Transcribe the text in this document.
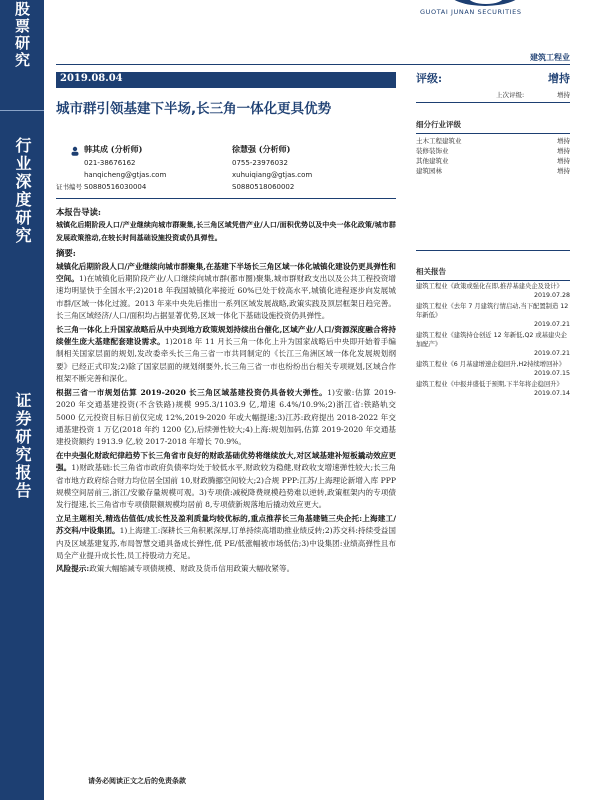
股票研究
行业深度研究
证券研究报告
GUOTAI JUNAN SECURITIES
建筑工程业
2019.08.04
城市群引领基建下半场,长三角一体化更具优势
韩其成 (分析师)
021-38676162
hanqicheng@gtjas.com
S0880516030004
证书编号
徐慧强 (分析师)
0755-23976032
xuhuiqiang@gtjas.com
S0880518060002

本报告导读:

城镇化后期阶段人口/产业继续向城市群聚集,长三角区域凭借产业/人口/面积优势以及中央一体化政策/城市群发展政策推动,在较长时间基础设施投资或仍具弹性。

摘要:

城镇化后期阶段人口/产业继续向城市群聚集,在基建下半场长三角区域一体化城镇化建设仍更具弹性和空间。1)在城镇化后期阶段产业/人口继续向城市群(都市圈)聚集,城市群财政支出以及公共工程投资增速均明显快于全国水平;2)2018 年我国城镇化率接近 60%已处于较高水平,城镇化进程逐步向发展城市群/区域一体化过渡。2013 年来中央先后推出一系列区域发展战略,政策实践及顶层框架日趋完善。长三角区域经济/人口/面积均占据显著优势,区域一体化下基础设施投资仍具弹性。

长三角一体化上升国家战略后从中央到地方政策规划持续出台催化,区域产业/人口/资源深度融合将持续催生庞大基建配套建设需求。1)2018 年 11 月长三角一体化上升为国家战略后中央即开始着手编制相关国家层面的规划,发改委牵头长三角三省一市共同制定的《长江三角洲区域一体化发展规划纲要》已经正式印发;2)除了国家层面的规划纲要外,长三角三省一市也纷纷出台相关专项规划,区域合作框架不断完善和深化。

根据三省一市规划估算 2019-2020 长三角区域基建投资仍具备较大弹性。1)安徽:估算 2019-2020 年交通基建投资(不含铁路)规模 995.3/1103.9 亿,增速 6.4%/10.9%;2)浙江省:铁路轨交 5000 亿元投资目标日前仅完成 12%,2019-2020 年或大幅提速;3)江苏:政府提出 2018-2022 年交通基建投资 1 万亿(2018 年约 1200 亿),后续弹性较大;4)上海:规划加码,估算 2019-2020 年交通基建投资额约 1913.9 亿,较 2017-2018 年增长 70.9%。

在中央强化财政纪律趋势下长三角省市良好的财政基础优势将继续放大,对区域基建补短板撬动效应更强。1)财政基础:长三角省市政府负债率均处于较低水平,财政较为稳健,财政收支增速弹性较大;长三角省市地方政府综合财力均位居全国前 10,财政腾挪空间较大;2)合规 PPP:江苏/上海理论新增入库 PPP 规模空间居前三,浙江/安徽存量规模可观。3)专项债:减税降费规模趋势难以逆转,政策框架内的专项债发行提速,长三角省市专项债限额规模均居前 8,专项债新规落地后撬动效应更大。

立足主题相关,精选估值低/成长性及盈利质量均较优标的,重点推荐长三角基建链三央企托:上海建工/苏交科/中设集团。1)上海建工:深耕长三角积累深厚,订单持续高增助推业绩反转;2)苏交科:持续受益国内及区域基建复苏,布局智慧交通具备成长弹性,低 PE/低涨幅被市场低估;3)中设集团:业绩高弹性且布局全产业提升成长性,员工持股动力充足。

风险提示:政策大幅缩减专项债规模、财政及货币信用政策大幅收紧等。

请务必阅读正文之后的免责条款
评级:	增持
上次评级:	增持
细分行业评级
土木工程建筑业	增持
装修装饰业	增持
其他建筑业	增持
建筑园林	增持
相关报告
建筑工程业《政策或强化在即,推荐基建央企及设计》
2019.07.28
建筑工程业《去年 7 月建筑行情启动,当下配置制造 12 年新低》
2019.07.21
建筑工程业《建筑持仓创近 12 年新低,Q2 或基建央企加配产》
2019.07.21
建筑工程业《6 月基建增速企稳回升,H2持续增回补》
2019.07.15
建筑工程业《中报并盛低于预期,下半年将企稳回升》
2019.07.14
